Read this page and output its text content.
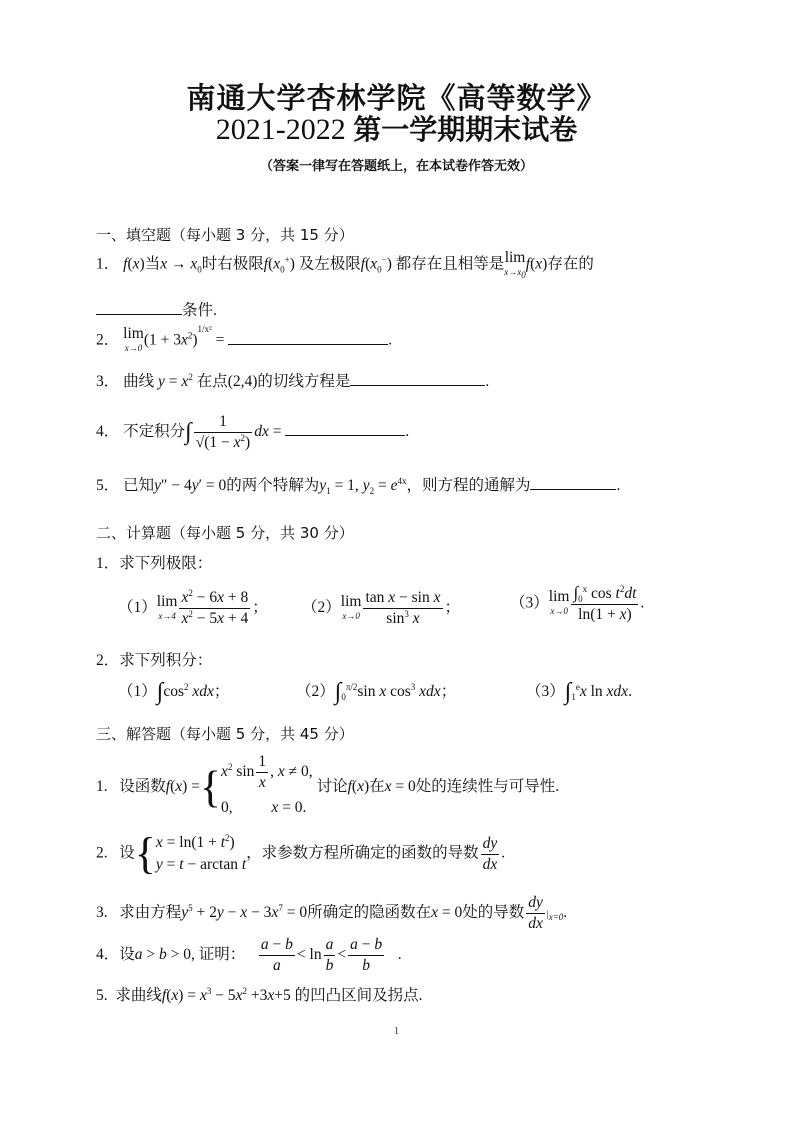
南通大学杏林学院《高等数学》
2021-2022 第一学期期末试卷
（答案一律写在答题纸上，在本试卷作答无效）
一、填空题（每小题 3 分，共 15 分）
1． f(x)当$x \to x_0$时右极限$f(x_0^+)$ 及左极限$f(x_0^-)$ 都存在且相等是lim
$x\to x_0$
f(x)存在的
条件.
2． lim
x→0 $(1 + 3x^2)^{1/x^2}$ =	.
3． 曲线 $y = x^2$ 在点(2,4)的切线方程是	.
4． 不定积分∫ $\frac{1}{√(1 - x^2)}$ dx =	.
5． 已知y″ − 4y′ = 0的两个特解为$y_1 = 1$, $y_2 = e^{4x}$，则方程的通解为	.
二、计算题（每小题 5 分，共 30 分）
1．求下列极限：
（1）lim
$x\to 4 \frac{x^2 - 6x + 8}{x^2 - 5x + 4}$ ； （2）lim
$x\to 0 \frac{\text{tan x − sin x}}{\sin^3 x}$ ；	（3）lim
$x\to 0 \frac{\int_0^x \cos t^2dt}{\ln(1 + x)}$ .
2．求下列积分：
$(1)\int\cos^2$ xdx；	$(2)\int_0^{\pi/2}\sin$ x $\cos^3$ xdx；	$(3)\int_1^ex$ ln xdx.
三、解答题（每小题 5 分，共 45 分）
1. 设函数f(x) ={ $x^2$ $\sin \frac{1}{x}$ , x ≠ 0,
0,          x = 0.
讨论f(x)在x = 0处的连续性与可导性.
2. 设{ $x = \ln(1 + t^2)$
y = t − arctan t
，求参数方程所确定的函数的导数 $\frac{dy}{dx}$ .
3. 求由方程$y^5 + 2y - x - 3x^7 = 0$所确定的隐函数在x = 0处的导数 $\frac{dy}{dx} |_{x=0}$.
4．设a > b > 0, 证明： $\frac{a - b}{a} < \ln \frac{a}{b} < \frac{a - b}{b}$ .
5. 求曲线$f(x) = x^3 - 5x^2 +3x+5$ 的凹凸区间及拐点.
1
